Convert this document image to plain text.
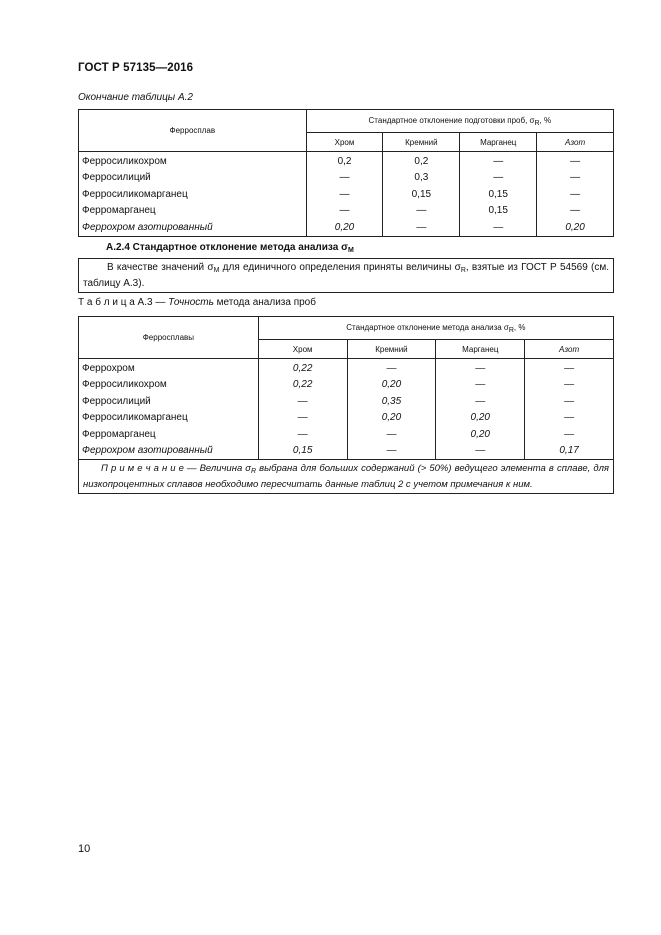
ГОСТ Р 57135—2016
Окончание таблицы А.2
Ферросплав	Стандартное отклонение подготовки проб, $\sigma_R$, %			
	Хром	Кремний	Марганец	Азот
Ферросиликохром	0,2	0,2	—	—
Ферросилиций	—	0,3	—	—
Ферросиликомарганец	—	0,15	0,15	—
Ферромарганец	—	—	0,15	—
Феррохром азотированный	0,20	—	—	0,20
А.2.4 Стандартное отклонение метода анализа $\sigma_М$
В качестве значений $\sigma_М$ для единичного определения приняты величины $\sigma_R$, взятые из ГОСТ Р 54569 (см. таблицу А.3).
Т а б л и ц а А.3 — Точность метода анализа проб
Ферросплавы	Стандартное отклонение метода анализа $\sigma_R$, %			
	Хром	Кремний	Марганец	Азот
Феррохром	0,22	—	—	—
Ферросиликохром	0,22	0,20	—	—
Ферросилиций	—	0,35	—	—
Ферросиликомарганец	—	0,20	0,20	—
Ферромарганец	—	—	0,20	—
Феррохром азотированный	0,15	—	—	0,17
П р и м е ч а н и е — Величина $\sigma_R$ выбрана для больших содержаний (> 50%) ведущего элемента в сплаве, для низкопроцентных сплавов необходимо пересчитать данные таблиц 2 с учетом примечания к ним.				
10
